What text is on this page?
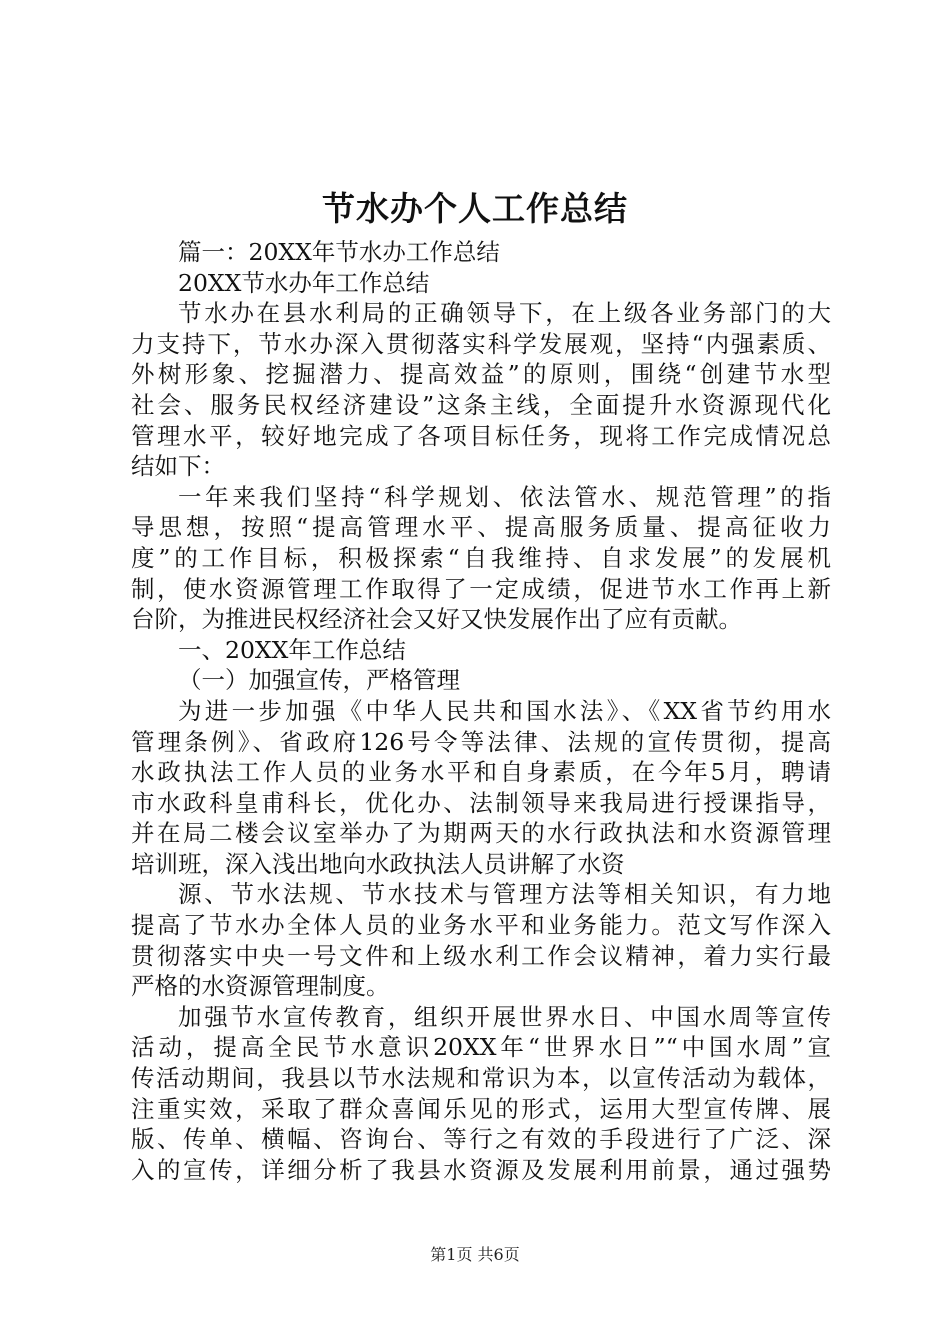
节水办个人工作总结
篇一：20XX年节水办工作总结
20XX节水办年工作总结
节水办在县水利局的正确领导下，在上级各业务部门的大
力支持下，节水办深入贯彻落实科学发展观，坚持“内强素质、
外树形象、挖掘潜力、提高效益”的原则，围绕“创建节水型
社会、服务民权经济建设”这条主线，全面提升水资源现代化
管理水平，较好地完成了各项目标任务，现将工作完成情况总
结如下：
一年来我们坚持“科学规划、依法管水、规范管理”的指
导思想，按照“提高管理水平、提高服务质量、提高征收力
度”的工作目标，积极探索“自我维持、自求发展”的发展机
制，使水资源管理工作取得了一定成绩，促进节水工作再上新
台阶，为推进民权经济社会又好又快发展作出了应有贡献。
一、20XX年工作总结
（一）加强宣传，严格管理
为进一步加强《中华人民共和国水法》、《XX省节约用水
管理条例》、省政府126号令等法律、法规的宣传贯彻，提高
水政执法工作人员的业务水平和自身素质，在今年5月，聘请
市水政科皇甫科长，优化办、法制领导来我局进行授课指导，
并在局二楼会议室举办了为期两天的水行政执法和水资源管理
培训班，深入浅出地向水政执法人员讲解了水资
源、节水法规、节水技术与管理方法等相关知识，有力地
提高了节水办全体人员的业务水平和业务能力。范文写作深入
贯彻落实中央一号文件和上级水利工作会议精神，着力实行最
严格的水资源管理制度。
加强节水宣传教育，组织开展世界水日、中国水周等宣传
活动，提高全民节水意识20XX年“世界水日”“中国水周”宣
传活动期间，我县以节水法规和常识为本，以宣传活动为载体，
注重实效，采取了群众喜闻乐见的形式，运用大型宣传牌、展
版、传单、横幅、咨询台、等行之有效的手段进行了广泛、深
入的宣传，详细分析了我县水资源及发展利用前景，通过强势
第1页 共6页
